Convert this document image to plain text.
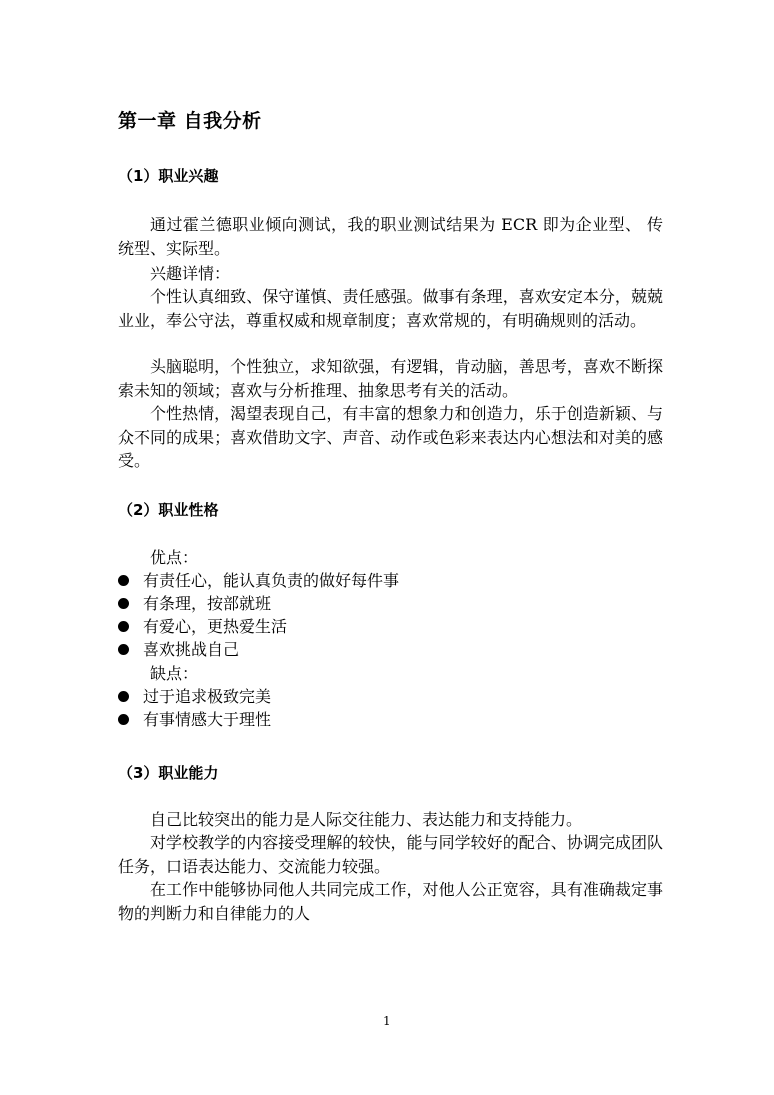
第一章 自我分析
（1）职业兴趣

通过霍兰德职业倾向测试，我的职业测试结果为 ECR 即为企业型、 传统型、实际型。

兴趣详情：

个性认真细致、保守谨慎、责任感强。做事有条理，喜欢安定本分，兢兢业业，奉公守法，尊重权威和规章制度；喜欢常规的，有明确规则的活动。

头脑聪明，个性独立，求知欲强，有逻辑，肯动脑，善思考，喜欢不断探索未知的领域；喜欢与分析推理、抽象思考有关的活动。

个性热情，渴望表现自己，有丰富的想象力和创造力，乐于创造新颖、与众不同的成果；喜欢借助文字、声音、动作或色彩来表达内心想法和对美的感受。

（2）职业性格
优点：
有责任心，能认真负责的做好每件事
有条理，按部就班
有爱心，更热爱生活
喜欢挑战自己
缺点：
过于追求极致完美
有事情感大于理性
（3）职业能力

自己比较突出的能力是人际交往能力、表达能力和支持能力。

对学校教学的内容接受理解的较快，能与同学较好的配合、协调完成团队任务，口语表达能力、交流能力较强。

在工作中能够协同他人共同完成工作，对他人公正宽容，具有准确裁定事物的判断力和自律能力的人

1
